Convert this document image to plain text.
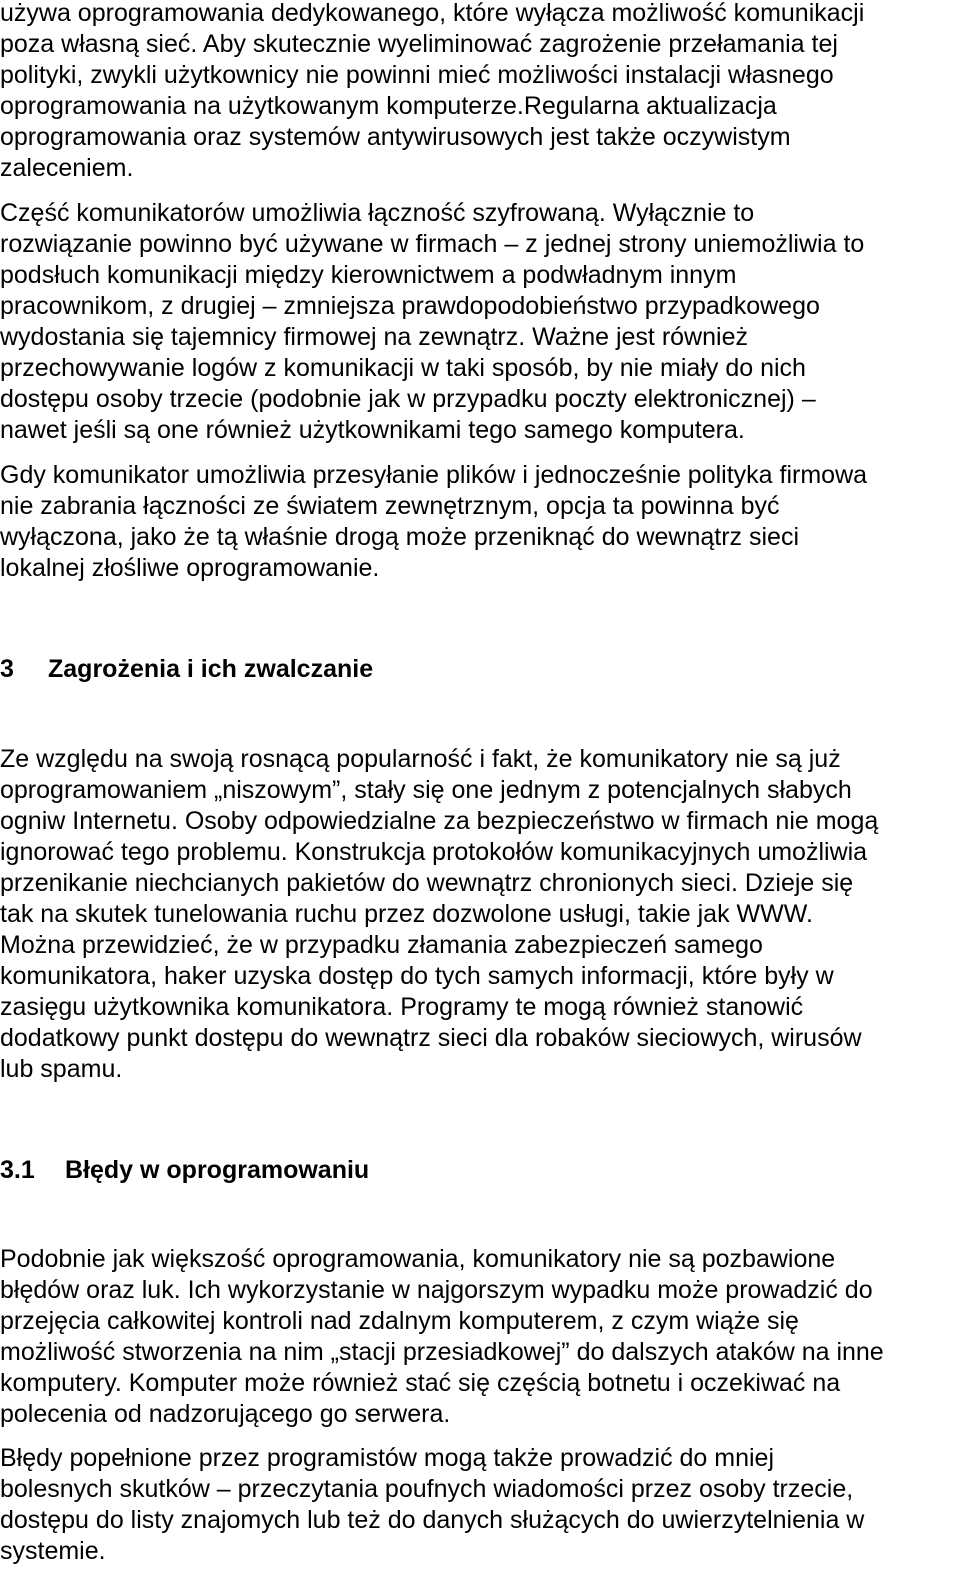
używa oprogramowania dedykowanego, które wyłącza możliwość komunikacji
poza własną sieć. Aby skutecznie wyeliminować zagrożenie przełamania tej
polityki, zwykli użytkownicy nie powinni mieć możliwości instalacji własnego
oprogramowania na użytkowanym komputerze.Regularna aktualizacja
oprogramowania oraz systemów antywirusowych jest także oczywistym
zaleceniem.

Część komunikatorów umożliwia łączność szyfrowaną. Wyłącznie to
rozwiązanie powinno być używane w firmach – z jednej strony uniemożliwia to
podsłuch komunikacji między kierownictwem a podwładnym innym
pracownikom, z drugiej – zmniejsza prawdopodobieństwo przypadkowego
wydostania się tajemnicy firmowej na zewnątrz. Ważne jest również
przechowywanie logów z komunikacji w taki sposób, by nie miały do nich
dostępu osoby trzecie (podobnie jak w przypadku poczty elektronicznej) –
nawet jeśli są one również użytkownikami tego samego komputera.

Gdy komunikator umożliwia przesyłanie plików i jednocześnie polityka firmowa
nie zabrania łączności ze światem zewnętrznym, opcja ta powinna być
wyłączona, jako że tą właśnie drogą może przeniknąć do wewnątrz sieci
lokalnej złośliwe oprogramowanie.

3 Zagrożenia i ich zwalczanie

Ze względu na swoją rosnącą popularność i fakt, że komunikatory nie są już
oprogramowaniem „niszowym”, stały się one jednym z potencjalnych słabych
ogniw Internetu. Osoby odpowiedzialne za bezpieczeństwo w firmach nie mogą
ignorować tego problemu. Konstrukcja protokołów komunikacyjnych umożliwia
przenikanie niechcianych pakietów do wewnątrz chronionych sieci. Dzieje się
tak na skutek tunelowania ruchu przez dozwolone usługi, takie jak WWW.
Można przewidzieć, że w przypadku złamania zabezpieczeń samego
komunikatora, haker uzyska dostęp do tych samych informacji, które były w
zasięgu użytkownika komunikatora. Programy te mogą również stanowić
dodatkowy punkt dostępu do wewnątrz sieci dla robaków sieciowych, wirusów
lub spamu.

3.1 Błędy w oprogramowaniu

Podobnie jak większość oprogramowania, komunikatory nie są pozbawione
błędów oraz luk. Ich wykorzystanie w najgorszym wypadku może prowadzić do
przejęcia całkowitej kontroli nad zdalnym komputerem, z czym wiąże się
możliwość stworzenia na nim „stacji przesiadkowej” do dalszych ataków na inne
komputery. Komputer może również stać się częścią botnetu i oczekiwać na
polecenia od nadzorującego go serwera.

Błędy popełnione przez programistów mogą także prowadzić do mniej
bolesnych skutków – przeczytania poufnych wiadomości przez osoby trzecie,
dostępu do listy znajomych lub też do danych służących do uwierzytelnienia w
systemie.
